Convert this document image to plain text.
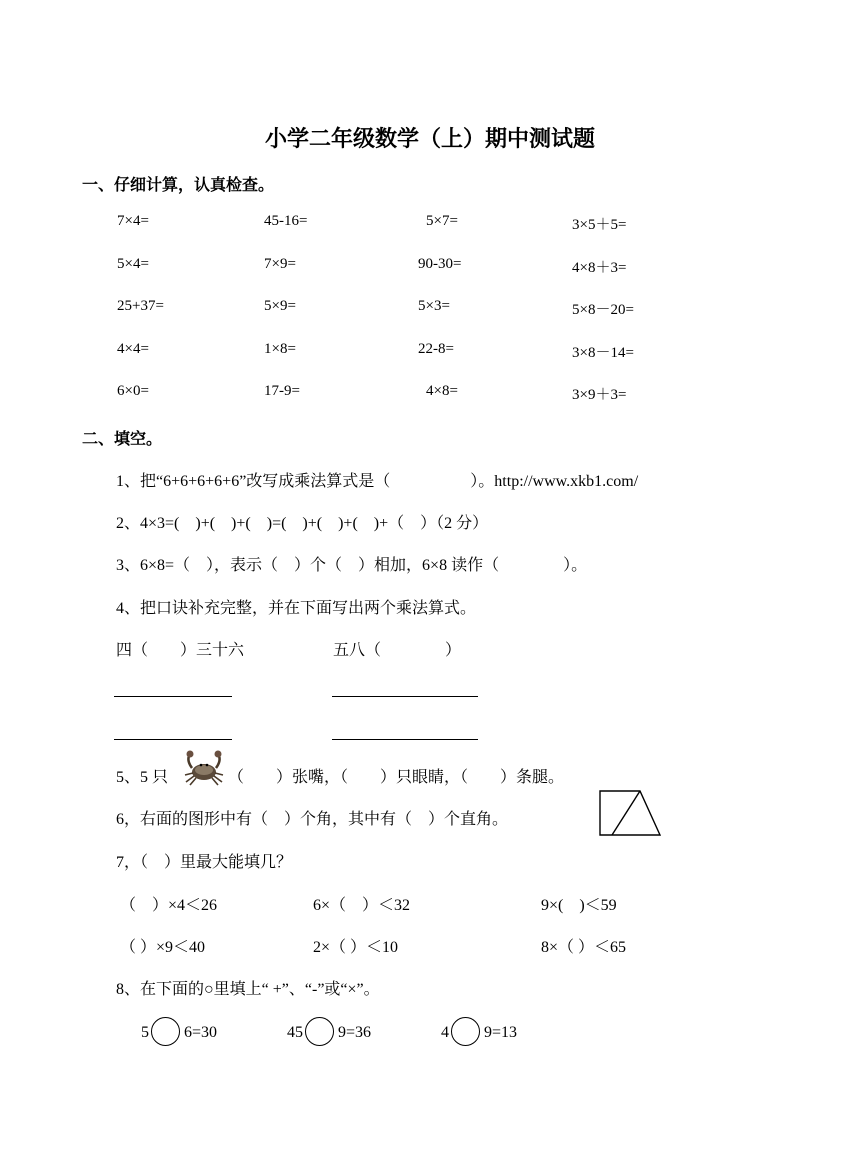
小学二年级数学（上）期中测试题
一、仔细计算，认真检查。
7×4=	45-16=	5×7=	3×5＋5=
5×4=	7×9=	90-30=	4×8＋3=
25+37=	5×9=	5×3=	5×8－20=
4×4=	1×8=	22-8=	3×8－14=
6×0=	17-9=	4×8=	3×9＋3=
二、填空。
1、把“6+6+6+6+6”改写成乘法算式是（　　　　　）。http://www.xkb1.com/
2、4×3=(　)+(　)+(　)=(　)+(　)+(　)+（　）（2 分）
3、6×8=（　），表示（　）个（　）相加，6×8 读作（　　　　）。
4、把口诀补充完整，并在下面写出两个乘法算式。
四（　　）三十六	五八（　　　　）
5、5 只	（　　）张嘴，（　　）只眼睛，（　　）条腿。
6，右面的图形中有（　）个角，其中有（　）个直角。
7，（　）里最大能填几？
（　）×4＜26	6×（　）＜32	9×(　)＜59
（ ）×9＜40	2×（ ）＜10	8×（ ）＜65
8、在下面的○里填上“ +”、“-”或“×”。
5 6=30	45 9=36	4 9=13
